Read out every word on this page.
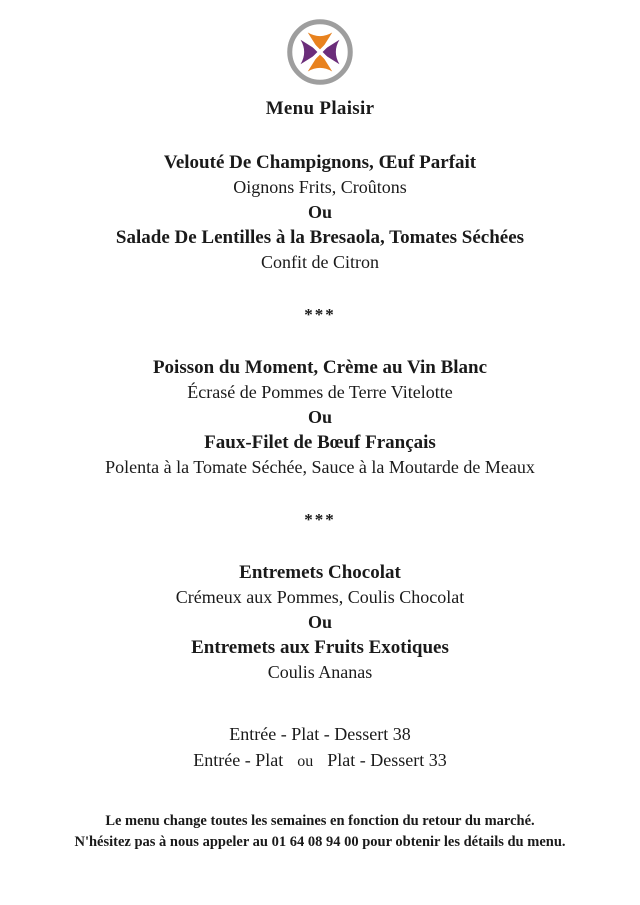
Menu Plaisir
Velouté De Champignons, Œuf Parfait
Oignons Frits, Croûtons
Ou
Salade De Lentilles à la Bresaola, Tomates Séchées
Confit de Citron
***
Poisson du Moment, Crème au Vin Blanc
Écrasé de Pommes de Terre Vitelotte
Ou
Faux-Filet de Bœuf Français
Polenta à la Tomate Séchée, Sauce à la Moutarde de Meaux
***
Entremets Chocolat
Crémeux aux Pommes, Coulis Chocolat
Ou
Entremets aux Fruits Exotiques
Coulis Ananas
Entrée - Plat - Dessert 38
Entrée - Plat ou Plat - Dessert 33
Le menu change toutes les semaines en fonction du retour du marché.
N'hésitez pas à nous appeler au 01 64 08 94 00 pour obtenir les détails du menu.
